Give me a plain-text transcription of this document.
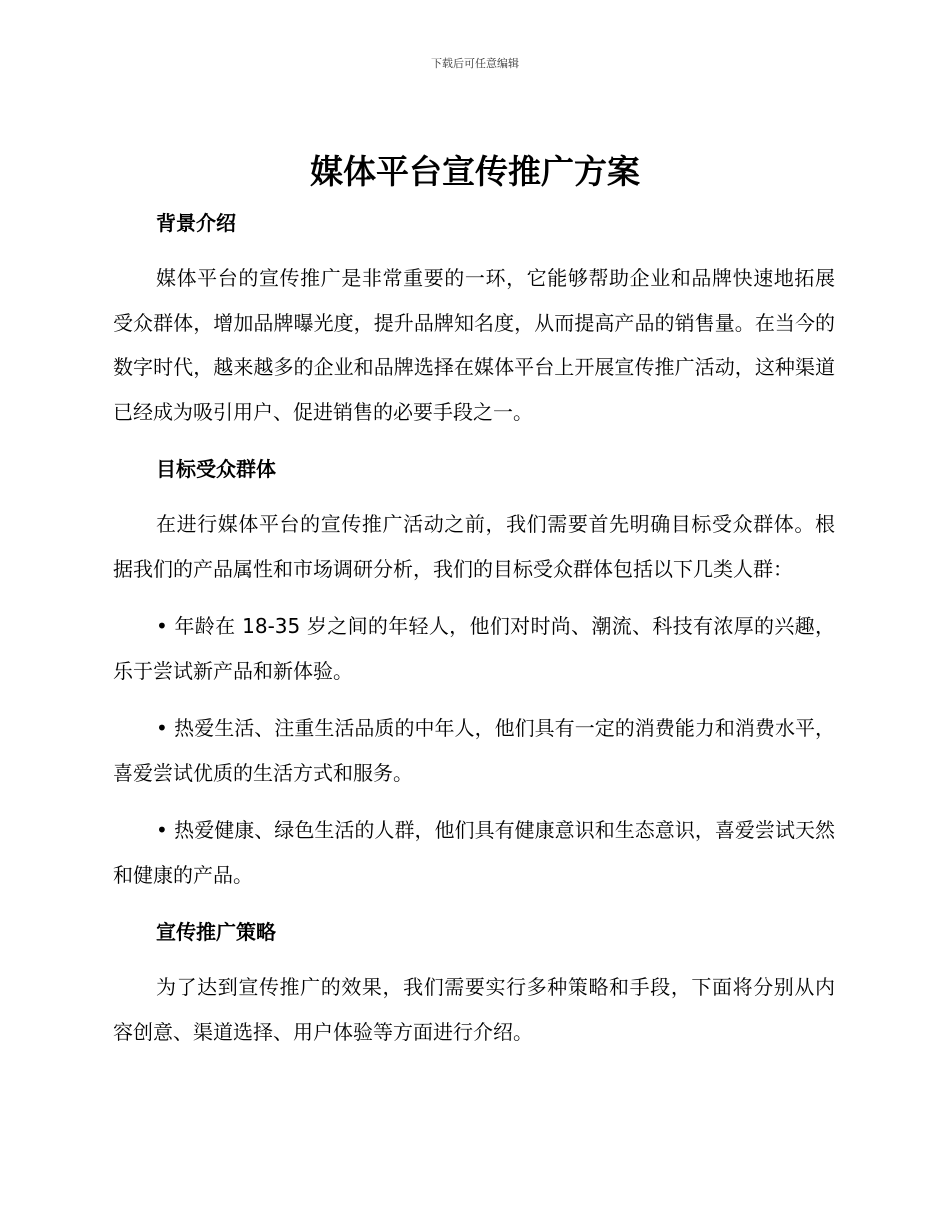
下载后可任意编辑
媒体平台宣传推广方案
背景介绍

媒体平台的宣传推广是非常重要的一环，它能够帮助企业和品牌快速地拓展受众群体，增加品牌曝光度，提升品牌知名度，从而提高产品的销售量。在当今的数字时代，越来越多的企业和品牌选择在媒体平台上开展宣传推广活动，这种渠道已经成为吸引用户、促进销售的必要手段之一。

目标受众群体

在进行媒体平台的宣传推广活动之前，我们需要首先明确目标受众群体。根据我们的产品属性和市场调研分析，我们的目标受众群体包括以下几类人群：

• 年龄在 18-35 岁之间的年轻人，他们对时尚、潮流、科技有浓厚的兴趣，乐于尝试新产品和新体验。

• 热爱生活、注重生活品质的中年人，他们具有一定的消费能力和消费水平，喜爱尝试优质的生活方式和服务。

• 热爱健康、绿色生活的人群，他们具有健康意识和生态意识，喜爱尝试天然和健康的产品。

宣传推广策略

为了达到宣传推广的效果，我们需要实行多种策略和手段，下面将分别从内容创意、渠道选择、用户体验等方面进行介绍。
